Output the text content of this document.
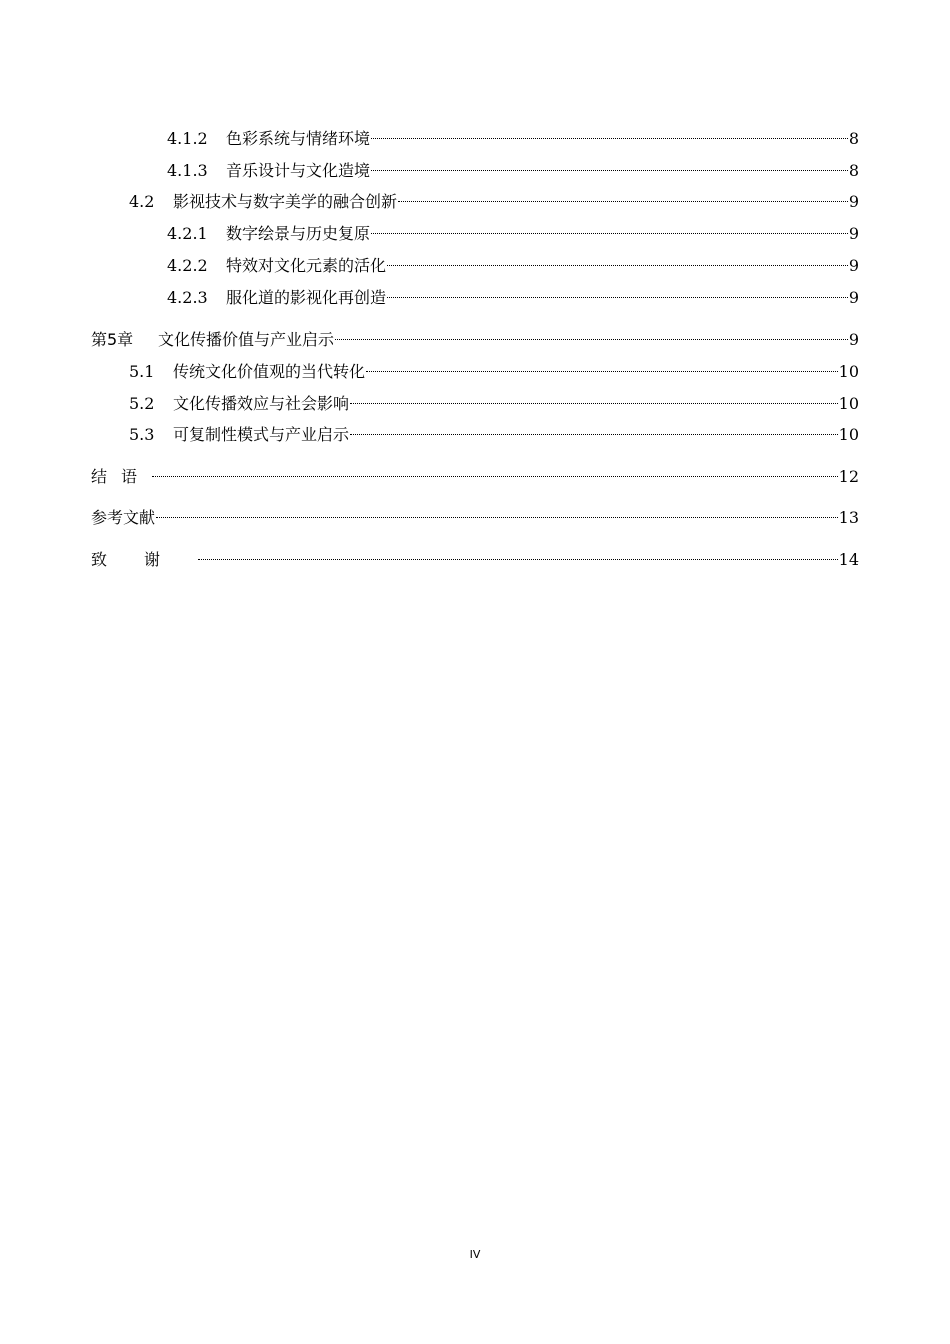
4.1.2	色彩系统与情绪环境	8
4.1.3	音乐设计与文化造境	8
4.2	影视技术与数字美学的融合创新	9
4.2.1	数字绘景与历史复原	9
4.2.2	特效对文化元素的活化	9
4.2.3	服化道的影视化再创造	9
第5章	文化传播价值与产业启示	9
5.1	传统文化价值观的当代转化	10
5.2	文化传播效应与社会影响	10
5.3	可复制性模式与产业启示	10
结语	12
参考文献	13
致谢	14
IV
